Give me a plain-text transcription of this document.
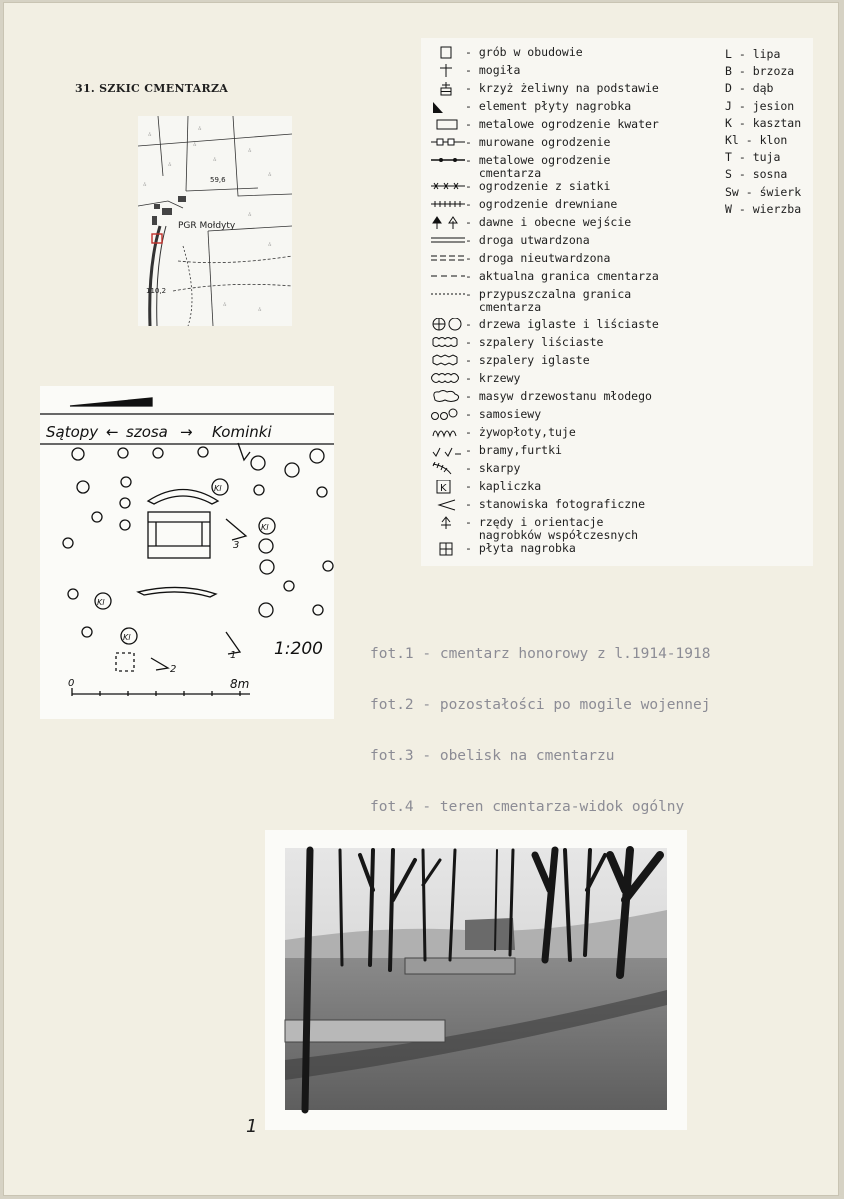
31. SZKIC CMENTARZA
∴
∴
∴
∴
∴
∴
∴
∴
∴
∴
∴
∴
PGR Mołdyty
59,6
110,2
- grób w obudowie
- mogiła
- krzyż żeliwny na podstawie
- element płyty nagrobka
- metalowe ogrodzenie kwater
- murowane ogrodzenie
- metalowe ogrodzenie
cmentarza
- ogrodzenie z siatki
- ogrodzenie drewniane
- dawne i obecne wejście
- droga utwardzona
- droga nieutwardzona
- aktualna granica cmentarza
- przypuszczalna granica
cmentarza
- drzewa iglaste i liściaste
- szpalery liściaste
- szpalery iglaste
- krzewy
- masyw drzewostanu młodego
- samosiewy
- żywopłoty,tuje
- bramy,furtki
- skarpy
K - kapliczka
- stanowiska fotograficzne
- rzędy i orientacje
nagrobków współczesnych
- płyta nagrobka
L - lipa
B - brzoza
D - dąb
J - jesion
K - kasztan
Kl - klon
T - tuja
S - sosna
Sw - świerk
W - wierzba
Sątopy ← szosa → Kominki
Kl
Kl
Kl
Kl
3
1
2
1:200
0	8m

fot.1 - cmentarz honorowy z l.1914-1918

fot.2 - pozostałości po mogile wojennej

fot.3 - obelisk na cmentarzu

fot.4 - teren cmentarza-widok ogólny

1
